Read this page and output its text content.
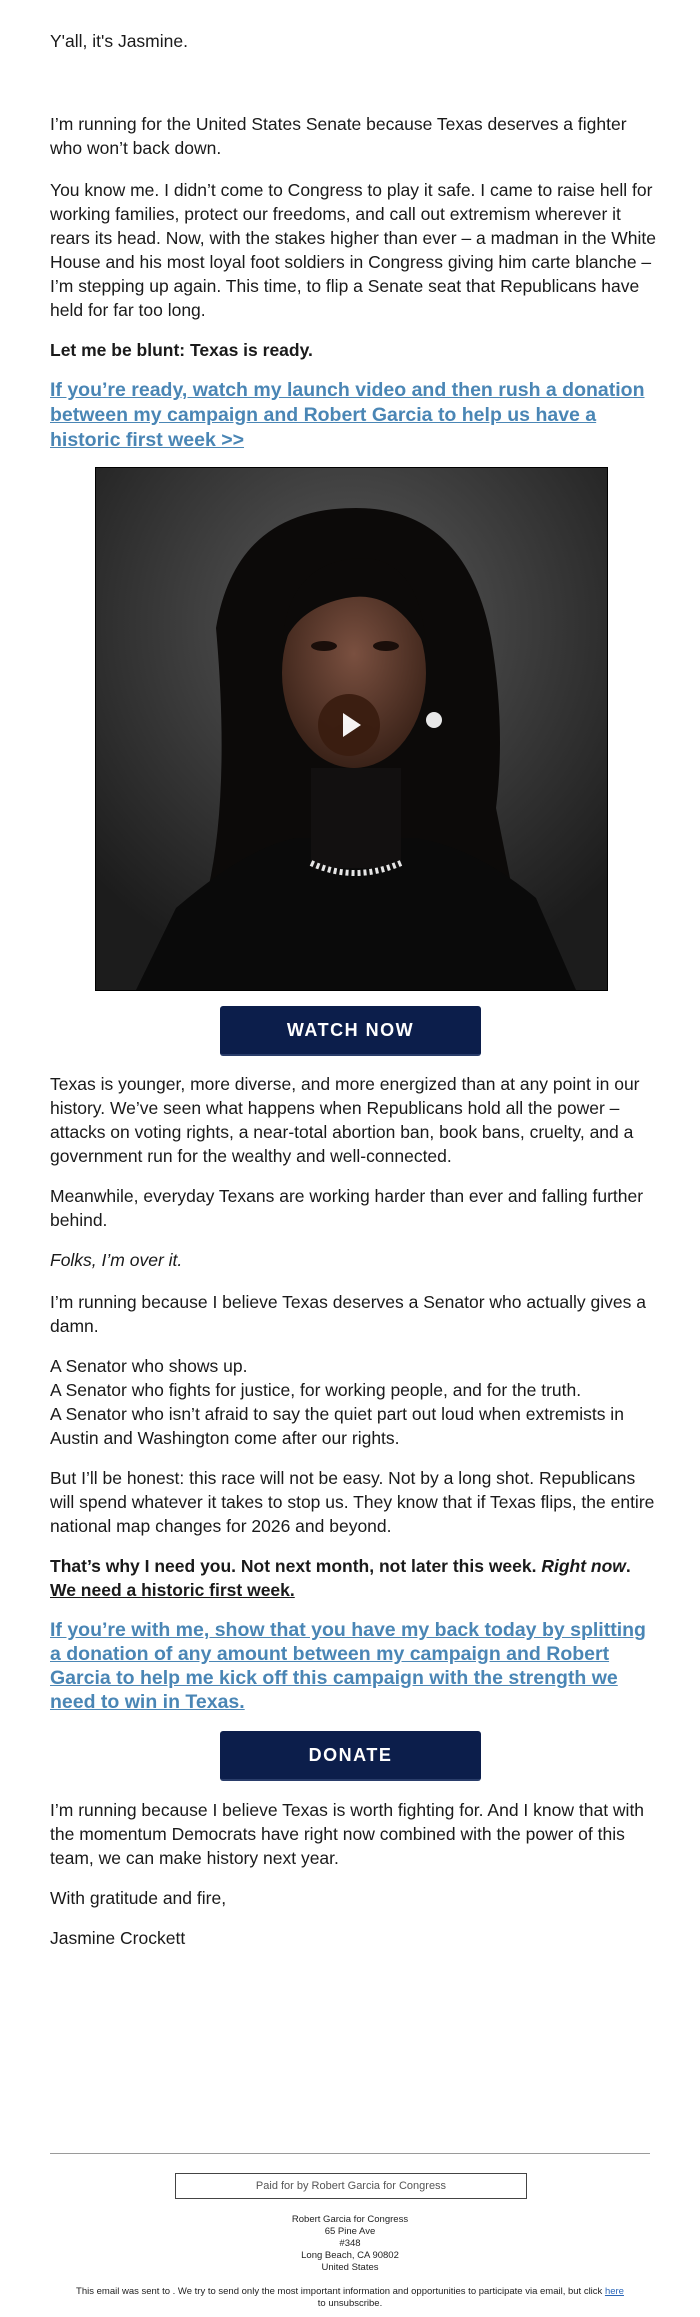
Y'all, it's Jasmine.

I’m running for the United States Senate because Texas deserves a fighter who won’t back down.

You know me. I didn’t come to Congress to play it safe. I came to raise hell for working families, protect our freedoms, and call out extremism wherever it rears its head. Now, with the stakes higher than ever – a madman in the White House and his most loyal foot soldiers in Congress giving him carte blanche – I’m stepping up again. This time, to flip a Senate seat that Republicans have held for far too long.

Let me be blunt: Texas is ready.

If you’re ready, watch my launch video and then rush a donation between my campaign and Robert Garcia to help us have a historic first week >>
WATCH NOW

Texas is younger, more diverse, and more energized than at any point in our history. We’ve seen what happens when Republicans hold all the power – attacks on voting rights, a near-total abortion ban, book bans, cruelty, and a government run for the wealthy and well-connected.

Meanwhile, everyday Texans are working harder than ever and falling further behind.

Folks, I’m over it.

I’m running because I believe Texas deserves a Senator who actually gives a damn.

A Senator who shows up.
A Senator who fights for justice, for working people, and for the truth.
A Senator who isn’t afraid to say the quiet part out loud when extremists in Austin and Washington come after our rights.

But I’ll be honest: this race will not be easy. Not by a long shot. Republicans will spend whatever it takes to stop us. They know that if Texas flips, the entire national map changes for 2026 and beyond.

That’s why I need you. Not next month, not later this week. Right now. We need a historic first week.

If you’re with me, show that you have my back today by splitting a donation of any amount between my campaign and Robert Garcia to help me kick off this campaign with the strength we need to win in Texas.
DONATE

I’m running because I believe Texas is worth fighting for. And I know that with the momentum Democrats have right now combined with the power of this team, we can make history next year.

With gratitude and fire,

Jasmine Crockett

Paid for by Robert Garcia for Congress
Robert Garcia for Congress
65 Pine Ave
#348
Long Beach, CA 90802
United States
This email was sent to . We try to send only the most important information and opportunities to participate via email, but click here to unsubscribe.
